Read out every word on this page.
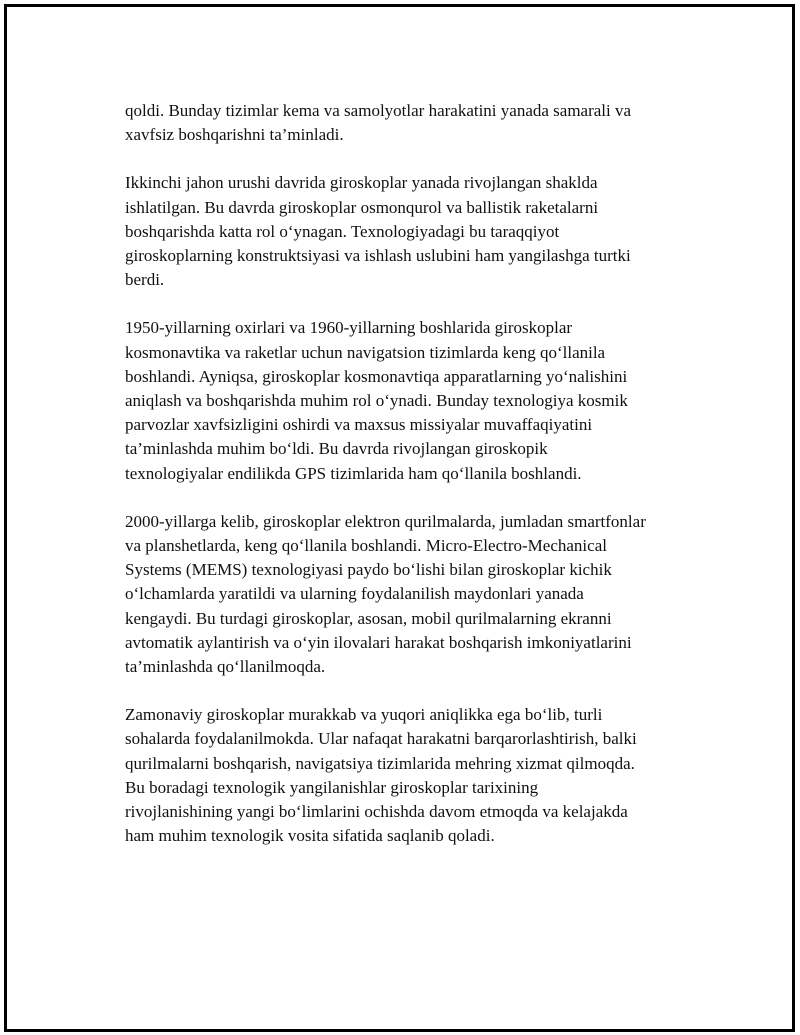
qoldi. Bunday tizimlar kema va samolyotlar harakatini yanada samarali va
xavfsiz boshqarishni ta’minladi.

Ikkinchi jahon urushi davrida giroskoplar yanada rivojlangan shaklda
ishlatilgan. Bu davrda giroskoplar osmonqurol va ballistik raketalarni
boshqarishda katta rol o‘ynagan. Texnologiyadagi bu taraqqiyot
giroskoplarning konstruktsiyasi va ishlash uslubini ham yangilashga turtki
berdi.

1950-yillarning oxirlari va 1960-yillarning boshlarida giroskoplar
kosmonavtika va raketlar uchun navigatsion tizimlarda keng qo‘llanila
boshlandi. Ayniqsa, giroskoplar kosmonavtiqa apparatlarning yo‘nalishini
aniqlash va boshqarishda muhim rol o‘ynadi. Bunday texnologiya kosmik
parvozlar xavfsizligini oshirdi va maxsus missiyalar muvaffaqiyatini
ta’minlashda muhim bo‘ldi. Bu davrda rivojlangan giroskopik
texnologiyalar endilikda GPS tizimlarida ham qo‘llanila boshlandi.

2000-yillarga kelib, giroskoplar elektron qurilmalarda, jumladan smartfonlar
va planshetlarda, keng qo‘llanila boshlandi. Micro-Electro-Mechanical
Systems (MEMS) texnologiyasi paydo bo‘lishi bilan giroskoplar kichik
o‘lchamlarda yaratildi va ularning foydalanilish maydonlari yanada
kengaydi. Bu turdagi giroskoplar, asosan, mobil qurilmalarning ekranni
avtomatik aylantirish va o‘yin ilovalari harakat boshqarish imkoniyatlarini
ta’minlashda qo‘llanilmoqda.

Zamonaviy giroskoplar murakkab va yuqori aniqlikka ega bo‘lib, turli
sohalarda foydalanilmokda. Ular nafaqat harakatni barqarorlashtirish, balki
qurilmalarni boshqarish, navigatsiya tizimlarida mehring xizmat qilmoqda.
Bu boradagi texnologik yangilanishlar giroskoplar tarixining
rivojlanishining yangi bo‘limlarini ochishda davom etmoqda va kelajakda
ham muhim texnologik vosita sifatida saqlanib qoladi.
